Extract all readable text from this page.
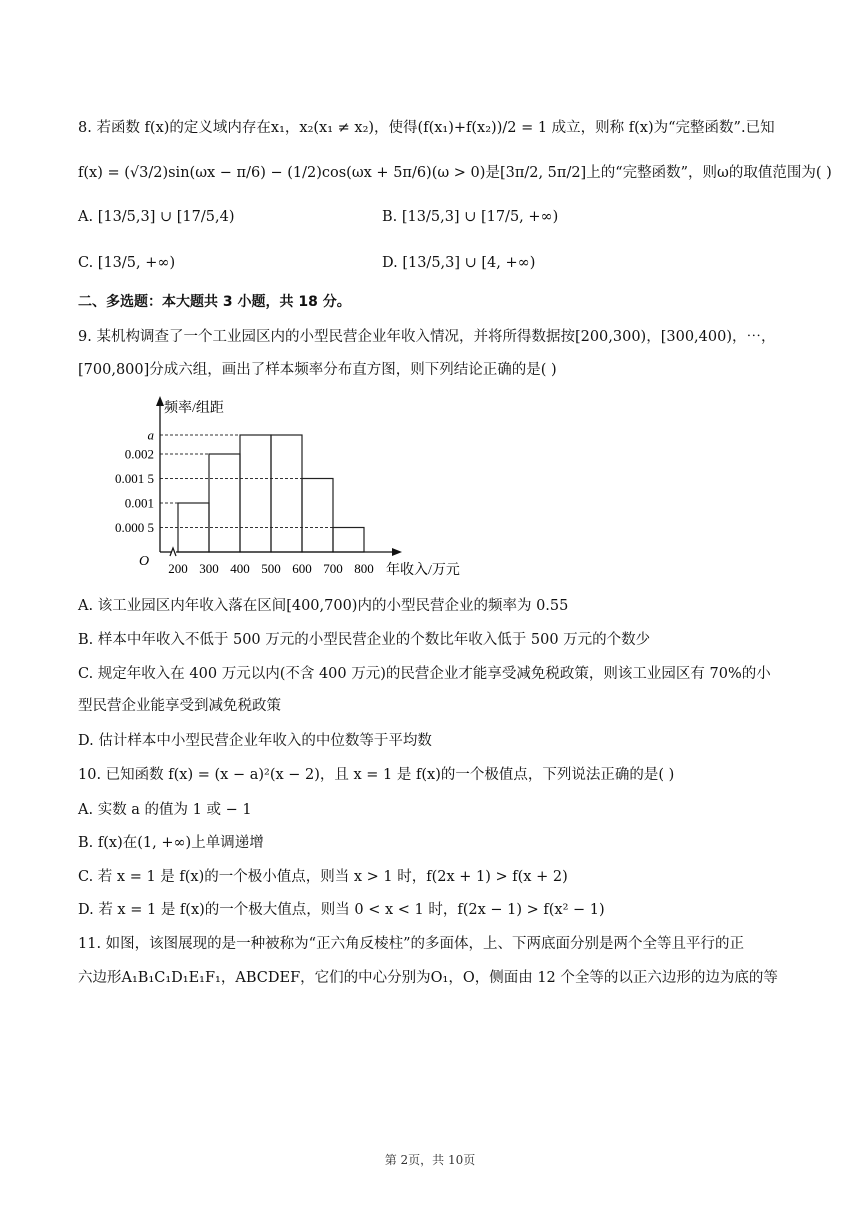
8. 若函数 f(x)的定义域内存在x₁，x₂(x₁ ≠ x₂)，使得(f(x₁)+f(x₂))/2 = 1 成立，则称 f(x)为“完整函数”.已知
f(x) = (√3/2)sin(ωx − π/6) − (1/2)cos(ωx + 5π/6)(ω > 0)是[3π/2, 5π/2]上的“完整函数”，则ω的取值范围为( )
A. [13/5,3] ∪ [17/5,4)	B. [13/5,3] ∪ [17/5, +∞)
C. [13/5, +∞)	D. [13/5,3] ∪ [4, +∞)
二、多选题：本大题共 3 小题，共 18 分。
9. 某机构调查了一个工业园区内的小型民营企业年收入情况，并将所得数据按[200,300)，[300,400)，⋯，
[700,800]分成六组，画出了样本频率分布直方图，则下列结论正确的是( )
a
0.002
0.001 5
0.001
0.000 5
200 300 400 500 600 700 800
频率/组距
年收入/万元
O
A. 该工业园区内年收入落在区间[400,700)内的小型民营企业的频率为 0.55
B. 样本中年收入不低于 500 万元的小型民营企业的个数比年收入低于 500 万元的个数少
C. 规定年收入在 400 万元以内(不含 400 万元)的民营企业才能享受减免税政策，则该工业园区有 70%的小
型民营企业能享受到减免税政策
D. 估计样本中小型民营企业年收入的中位数等于平均数
10. 已知函数 f(x) = (x − a)²(x − 2)，且 x = 1 是 f(x)的一个极值点，下列说法正确的是( )
A. 实数 a 的值为 1 或 − 1
B. f(x)在(1, +∞)上单调递增
C. 若 x = 1 是 f(x)的一个极小值点，则当 x > 1 时，f(2x + 1) > f(x + 2)
D. 若 x = 1 是 f(x)的一个极大值点，则当 0 < x < 1 时，f(2x − 1) > f(x² − 1)
11. 如图，该图展现的是一种被称为“正六角反棱柱”的多面体，上、下两底面分别是两个全等且平行的正
六边形A₁B₁C₁D₁E₁F₁，ABCDEF，它们的中心分别为O₁，O，侧面由 12 个全等的以正六边形的边为底的等
第 2页，共 10页
